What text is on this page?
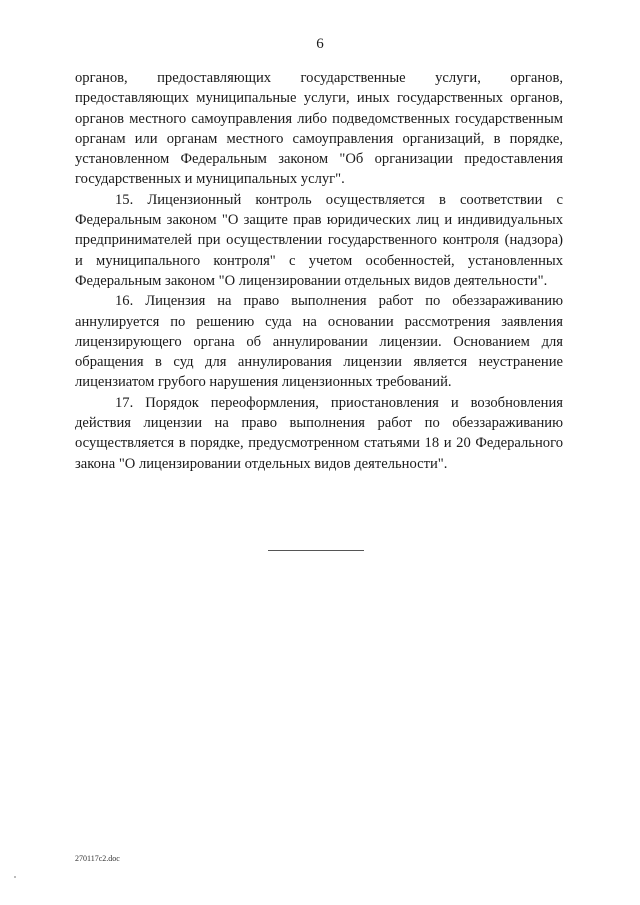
6

органов, предоставляющих государственные услуги, органов, предоставляющих муниципальные услуги, иных государственных органов, органов местного самоуправления либо подведомственных государственным органам или органам местного самоуправления организаций, в порядке, установленном Федеральным законом "Об организации предоставления государственных и муниципальных услуг".

15. Лицензионный контроль осуществляется в соответствии с Федеральным законом "О защите прав юридических лиц и индивидуальных предпринимателей при осуществлении государственного контроля (надзора) и муниципального контроля" с учетом особенностей, установленных Федеральным законом "О лицензировании отдельных видов деятельности".

16. Лицензия на право выполнения работ по обеззараживанию аннулируется по решению суда на основании рассмотрения заявления лицензирующего органа об аннулировании лицензии. Основанием для обращения в суд для аннулирования лицензии является неустранение лицензиатом грубого нарушения лицензионных требований.

17. Порядок переоформления, приостановления и возобновления действия лицензии на право выполнения работ по обеззараживанию осуществляется в порядке, предусмотренном статьями 18 и 20 Федерального закона "О лицензировании отдельных видов деятельности".

270117c2.doc
